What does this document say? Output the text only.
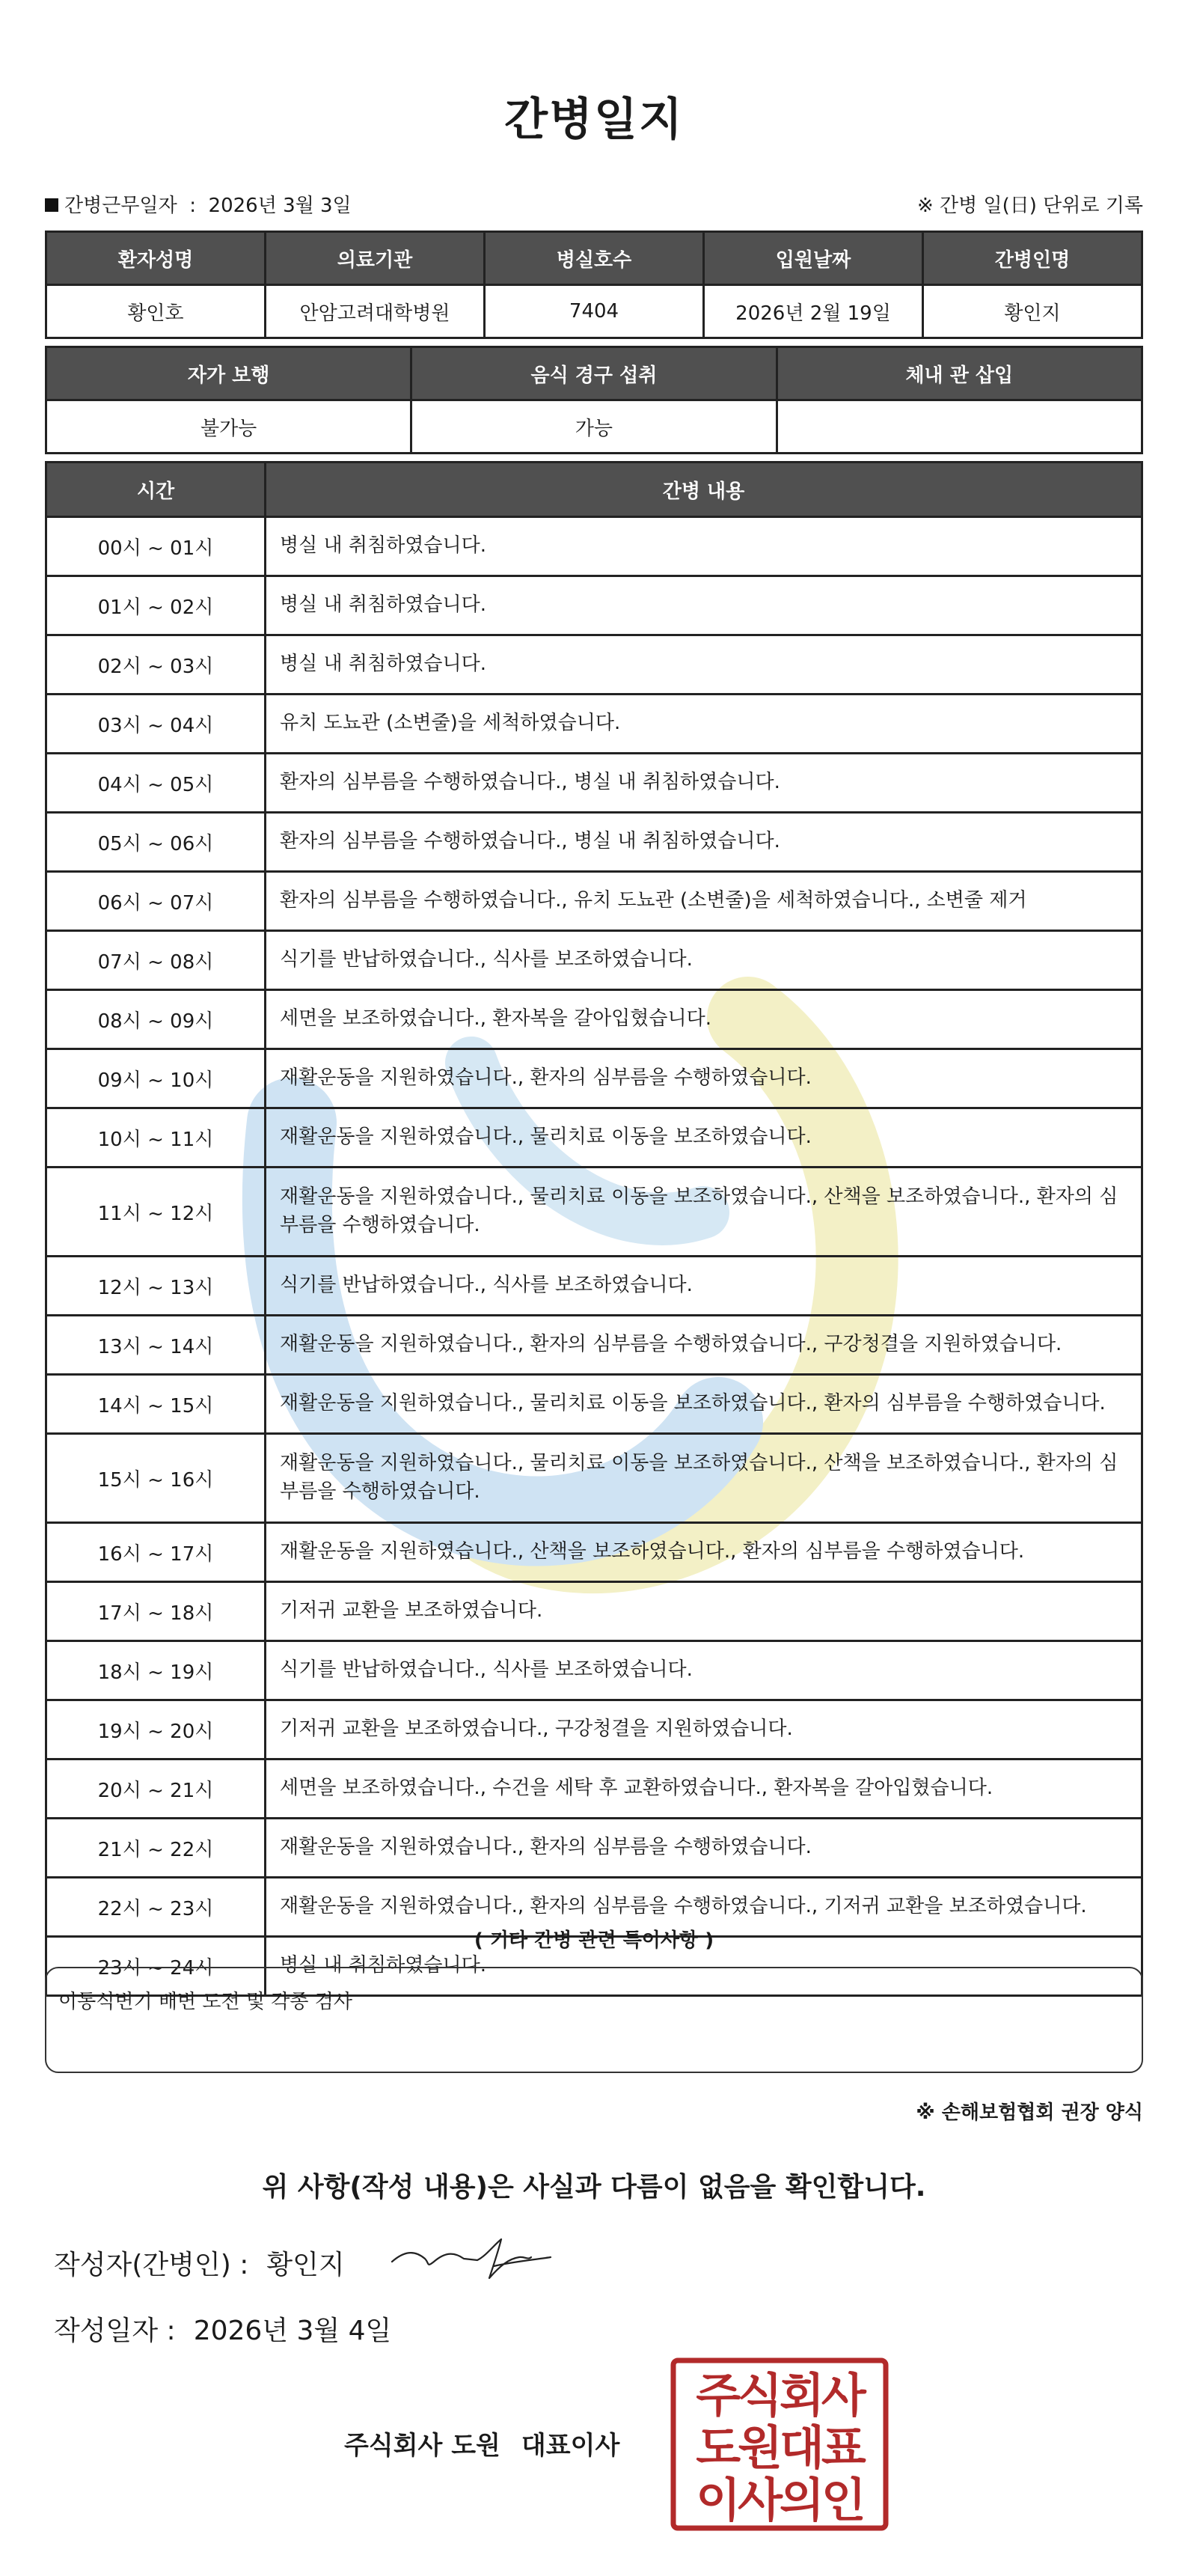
간병일지
간병근무일자  :  2026년 3월 3일	※ 간병 일(日) 단위로 기록
환자성명	의료기관	병실호수	입원날짜	간병인명
황인호	안암고려대학병원	7404	2026년 2월 19일	황인지
자가 보행	음식 경구 섭취	체내 관 삽입
불가능	가능	
시간	간병 내용
00시 ~ 01시	병실 내 취침하였습니다.
01시 ~ 02시	병실 내 취침하였습니다.
02시 ~ 03시	병실 내 취침하였습니다.
03시 ~ 04시	유치 도뇨관 (소변줄)을 세척하였습니다.
04시 ~ 05시	환자의 심부름을 수행하였습니다., 병실 내 취침하였습니다.
05시 ~ 06시	환자의 심부름을 수행하였습니다., 병실 내 취침하였습니다.
06시 ~ 07시	환자의 심부름을 수행하였습니다., 유치 도뇨관 (소변줄)을 세척하였습니다., 소변줄 제거
07시 ~ 08시	식기를 반납하였습니다., 식사를 보조하였습니다.
08시 ~ 09시	세면을 보조하였습니다., 환자복을 갈아입혔습니다.
09시 ~ 10시	재활운동을 지원하였습니다., 환자의 심부름을 수행하였습니다.
10시 ~ 11시	재활운동을 지원하였습니다., 물리치료 이동을 보조하였습니다.
11시 ~ 12시	재활운동을 지원하였습니다., 물리치료 이동을 보조하였습니다., 산책을 보조하였습니다., 환자의 심부름을 수행하였습니다.
12시 ~ 13시	식기를 반납하였습니다., 식사를 보조하였습니다.
13시 ~ 14시	재활운동을 지원하였습니다., 환자의 심부름을 수행하였습니다., 구강청결을 지원하였습니다.
14시 ~ 15시	재활운동을 지원하였습니다., 물리치료 이동을 보조하였습니다., 환자의 심부름을 수행하였습니다.
15시 ~ 16시	재활운동을 지원하였습니다., 물리치료 이동을 보조하였습니다., 산책을 보조하였습니다., 환자의 심부름을 수행하였습니다.
16시 ~ 17시	재활운동을 지원하였습니다., 산책을 보조하였습니다., 환자의 심부름을 수행하였습니다.
17시 ~ 18시	기저귀 교환을 보조하였습니다.
18시 ~ 19시	식기를 반납하였습니다., 식사를 보조하였습니다.
19시 ~ 20시	기저귀 교환을 보조하였습니다., 구강청결을 지원하였습니다.
20시 ~ 21시	세면을 보조하였습니다., 수건을 세탁 후 교환하였습니다., 환자복을 갈아입혔습니다.
21시 ~ 22시	재활운동을 지원하였습니다., 환자의 심부름을 수행하였습니다.
22시 ~ 23시	재활운동을 지원하였습니다., 환자의 심부름을 수행하였습니다., 기저귀 교환을 보조하였습니다.
23시 ~ 24시	병실 내 취침하였습니다.
( 기타 간병 관련 특이사항 )
이동식변기 배변 도전 및 각종 검사
※ 손해보험협회 권장 양식
위 사항(작성 내용)은 사실과 다름이 없음을 확인합니다.
작성자(간병인) : 황인지
작성일자 : 2026년 3월 4일
주식회사 도원 대표이사
주식회사
도원대표
이사의인
